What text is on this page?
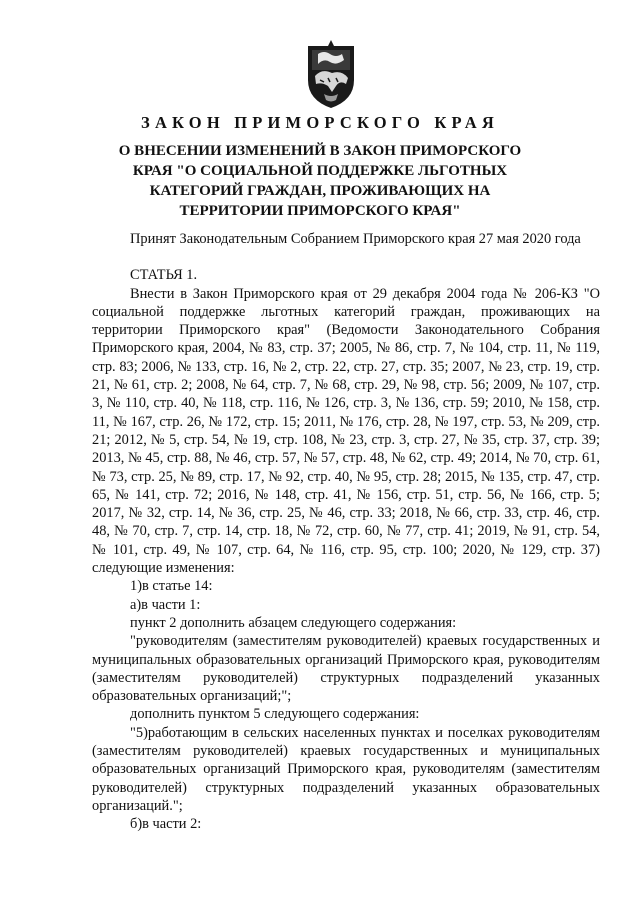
ЗАКОН ПРИМОРСКОГО КРАЯ
О ВНЕСЕНИИ ИЗМЕНЕНИЙ В ЗАКОН ПРИМОРСКОГО КРАЯ "О СОЦИАЛЬНОЙ ПОДДЕРЖКЕ ЛЬГОТНЫХ КАТЕГОРИЙ ГРАЖДАН, ПРОЖИВАЮЩИХ НА ТЕРРИТОРИИ ПРИМОРСКОГО КРАЯ"

Принят Законодательным Собранием Приморского края 27 мая 2020 года

СТАТЬЯ 1.

Внести в Закон Приморского края от 29 декабря 2004 года № 206-КЗ "О социальной поддержке льготных категорий граждан, проживающих на территории Приморского края" (Ведомости Законодательного Собрания Приморского края, 2004, № 83, стр. 37; 2005, № 86, стр. 7, № 104, стр. 11, № 119, стр. 83; 2006, № 133, стр. 16, № 2, стр. 22, стр. 27, стр. 35; 2007, № 23, стр. 19, стр. 21, № 61, стр. 2; 2008, № 64, стр. 7, № 68, стр. 29, № 98, стр. 56; 2009, № 107, стр. 3, № 110, стр. 40, № 118, стр. 116, № 126, стр. 3, № 136, стр. 59; 2010, № 158, стр. 11, № 167, стр. 26, № 172, стр. 15; 2011, № 176, стр. 28, № 197, стр. 53, № 209, стр. 21; 2012, № 5, стр. 54, № 19, стр. 108, № 23, стр. 3, стр. 27, № 35, стр. 37, стр. 39; 2013, № 45, стр. 88, № 46, стр. 57, № 57, стр. 48, № 62, стр. 49; 2014, № 70, стр. 61, № 73, стр. 25, № 89, стр. 17, № 92, стр. 40, № 95, стр. 28; 2015, № 135, стр. 47, стр. 65, № 141, стр. 72; 2016, № 148, стр. 41, № 156, стр. 51, стр. 56, № 166, стр. 5; 2017, № 32, стр. 14, № 36, стр. 25, № 46, стр. 33; 2018, № 66, стр. 33, стр. 46, стр. 48, № 70, стр. 7, стр. 14, стр. 18, № 72, стр. 60, № 77, стр. 41; 2019, № 91, стр. 54, № 101, стр. 49, № 107, стр. 64, № 116, стр. 95, стр. 100; 2020, № 129, стр. 37) следующие изменения:

1)в статье 14:

а)в части 1:

пункт 2 дополнить абзацем следующего содержания:

"руководителям (заместителям руководителей) краевых государственных и муниципальных образовательных организаций Приморского края, руководителям (заместителям руководителей) структурных подразделений указанных образовательных организаций;";

дополнить пунктом 5 следующего содержания:

"5)работающим в сельских населенных пунктах и поселках руководителям (заместителям руководителей) краевых государственных и муниципальных образовательных организаций Приморского края, руководителям (заместителям руководителей) структурных подразделений указанных образовательных организаций.";

б)в части 2:
